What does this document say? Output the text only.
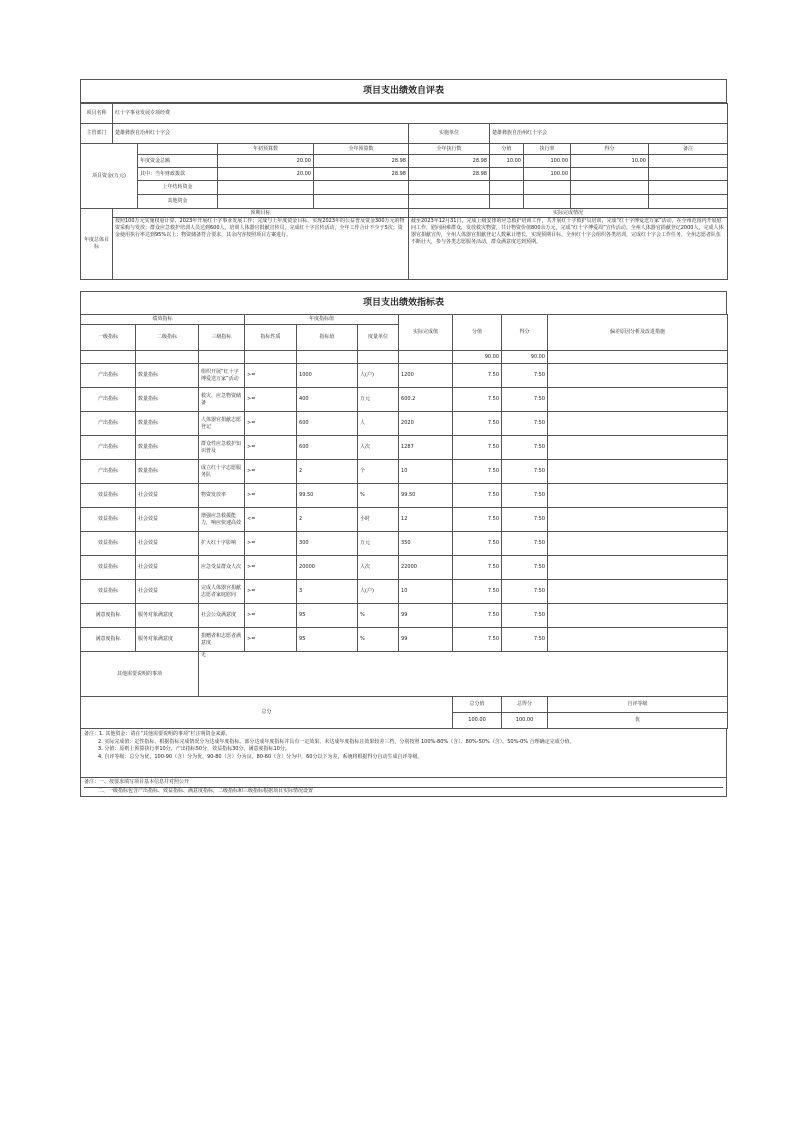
项目支出绩效自评表
项目名称	红十字事业发展专项经费								
主管部门	楚雄彝族自治州红十字会				实施单位	楚雄彝族自治州红十字会			
项目资金(万元)			年初预算数	全年预算数	全年执行数	分值	执行率	得分	备注
		年度资金总额	20.00	28.98	28.98	10.00	100.00	10.00	
		其中：当年财政拨款	20.00	28.98	28.98		100.00		
		上年结转资金							
		其他资金							
年度总体目标	预期目标				实际完成情况				
	按照100万元实施权重计算，2023年开展红十字事业发展工作；完成与上年度资金目标，实现2023年的公益普及资金300万元的物资采购与发放；群众应急救护培训人员达到600人，培训人体器官捐献宣传员，完成红十字宣传活动，全年工作合计不少于5次；资金使用执行率达到95%以上；物资储备符合要求，其余内容按照项目方案进行。				截至2023年12月31日，完成上级安排的应急救护培训工作，共开展红十字救护员培训，完成“红十字博爱送万家”活动，在全州范围内开展慰问工作，慰问困难群众，发放救灾物资，共计物资价值800余万元，完成“红十字博爱周”宣传活动。全州人体器官捐献登记2000人，完成人体器官捐献宣传，全州人体器官捐献登记人数累计增长，实现预期目标。全州红十字会组织各类培训，完成红十字会工作任务，全州志愿者队伍不断壮大，参与各类志愿服务活动，群众满意度达到预期。				
项目支出绩效指标表
绩效指标			年度指标值			实际完成值	分值	得分	偏差原因分析及改进措施
一级指标	二级指标	三级指标	指标性质	指标值	度量单位				
							90.00	90.00	
产出指标	数量指标	组织开展“红十字博爱送万家”活动	>=	1000	人(户)	1200	7.50	7.50	
产出指标	数量指标	救灾、应急物资储备	>=	400	万元	600.2	7.50	7.50	
产出指标	数量指标	人体器官捐献志愿登记	>=	600	人	2020	7.50	7.50	
产出指标	数量指标	群众性应急救护知识普及	>=	600	人次	1287	7.50	7.50	
产出指标	数量指标	成立红十字志愿服务队	>=	2	个	10	7.50	7.50	
效益指标	社会效益	物资发放率	>=	99.50	%	99.50	7.50	7.50	
效益指标	社会效益	增强应急救援能力，响应快速高效	<=	2	小时	12	7.50	7.50	
效益指标	社会效益	扩大红十字影响	>=	300	万元	350	7.50	7.50	
效益指标	社会效益	应急受益群众人次	>=	20000	人次	22000	7.50	7.50	
效益指标	社会效益	完成人体器官捐献志愿者家庭慰问	>=	3	人(户)	10	7.50	7.50	
满意度指标	服务对象满意度	社会公众满意度	>=	95	%	99	7.50	7.50	
满意度指标	服务对象满意度	捐赠者和志愿者满意度	>=	95	%	99	7.50	7.50	
其他需要说明的事项		无							
总分							总分值	总得分	自评等级
							100.00	100.00	优
备注：1. 其他资金：请在“其他需要说明的事项”栏注明资金来源。
2. 实际完成值：定性指标，根据指标完成情况分为达成年度指标、部分达成年度指标并具有一定效果、未达成年度指标且效果较差三档，分别按照 100%-80%（含）、80%-50%（含）、50%-0% 合理确定完成分值。
3. 分值：原则上预算执行率10分，产出指标50分，效益指标30分，满意度指标10分。
4. 自评等级：总分为优，100-90（含）分为优，90-80（含）分为良，80-60（含）分为中，60分以下为差，系统将根据得分自动生成自评等级。
备注：一、按要求填写项目基本信息并对照公开
二、一级指标包含产出指标、效益指标、满意度指标，二级指标和三级指标根据项目实际情况设置
